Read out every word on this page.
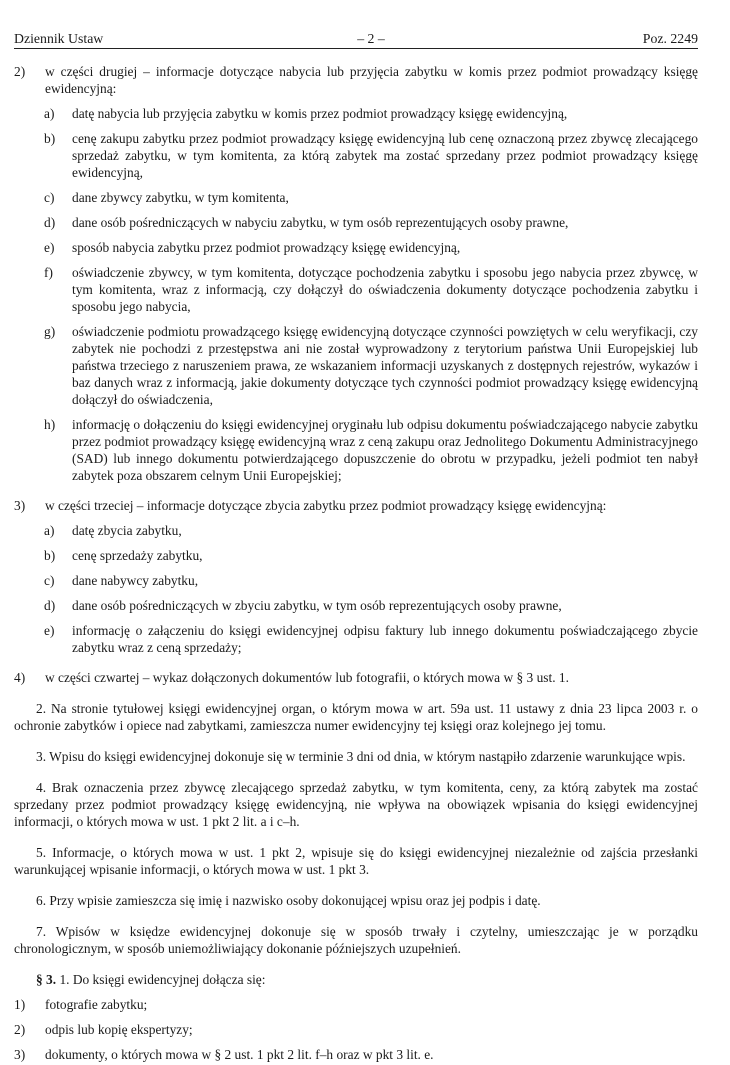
Dziennik Ustaw	– 2 –	Poz. 2249
2) w części drugiej – informacje dotyczące nabycia lub przyjęcia zabytku w komis przez podmiot prowadzący księgę ewidencyjną:
a) datę nabycia lub przyjęcia zabytku w komis przez podmiot prowadzący księgę ewidencyjną,
b) cenę zakupu zabytku przez podmiot prowadzący księgę ewidencyjną lub cenę oznaczoną przez zbywcę zlecającego sprzedaż zabytku, w tym komitenta, za którą zabytek ma zostać sprzedany przez podmiot prowadzący księgę ewidencyjną,
c) dane zbywcy zabytku, w tym komitenta,
d) dane osób pośredniczących w nabyciu zabytku, w tym osób reprezentujących osoby prawne,
e) sposób nabycia zabytku przez podmiot prowadzący księgę ewidencyjną,
f) oświadczenie zbywcy, w tym komitenta, dotyczące pochodzenia zabytku i sposobu jego nabycia przez zbywcę, w tym komitenta, wraz z informacją, czy dołączył do oświadczenia dokumenty dotyczące pochodzenia zabytku i sposobu jego nabycia,
g) oświadczenie podmiotu prowadzącego księgę ewidencyjną dotyczące czynności powziętych w celu weryfikacji, czy zabytek nie pochodzi z przestępstwa ani nie został wyprowadzony z terytorium państwa Unii Europejskiej lub państwa trzeciego z naruszeniem prawa, ze wskazaniem informacji uzyskanych z dostępnych rejestrów, wykazów i baz danych wraz z informacją, jakie dokumenty dotyczące tych czynności podmiot prowadzący księgę ewidencyjną dołączył do oświadczenia,
h) informację o dołączeniu do księgi ewidencyjnej oryginału lub odpisu dokumentu poświadczającego nabycie zabytku przez podmiot prowadzący księgę ewidencyjną wraz z ceną zakupu oraz Jednolitego Dokumentu Administracyjnego (SAD) lub innego dokumentu potwierdzającego dopuszczenie do obrotu w przypadku, jeżeli podmiot ten nabył zabytek poza obszarem celnym Unii Europejskiej;
3) w części trzeciej – informacje dotyczące zbycia zabytku przez podmiot prowadzący księgę ewidencyjną:
a) datę zbycia zabytku,
b) cenę sprzedaży zabytku,
c) dane nabywcy zabytku,
d) dane osób pośredniczących w zbyciu zabytku, w tym osób reprezentujących osoby prawne,
e) informację o załączeniu do księgi ewidencyjnej odpisu faktury lub innego dokumentu poświadczającego zbycie zabytku wraz z ceną sprzedaży;
4) w części czwartej – wykaz dołączonych dokumentów lub fotografii, o których mowa w § 3 ust. 1.
2. Na stronie tytułowej księgi ewidencyjnej organ, o którym mowa w art. 59a ust. 11 ustawy z dnia 23 lipca 2003 r. o ochronie zabytków i opiece nad zabytkami, zamieszcza numer ewidencyjny tej księgi oraz kolejnego jej tomu.
3. Wpisu do księgi ewidencyjnej dokonuje się w terminie 3 dni od dnia, w którym nastąpiło zdarzenie warunkujące wpis.
4. Brak oznaczenia przez zbywcę zlecającego sprzedaż zabytku, w tym komitenta, ceny, za którą zabytek ma zostać sprzedany przez podmiot prowadzący księgę ewidencyjną, nie wpływa na obowiązek wpisania do księgi ewidencyjnej informacji, o których mowa w ust. 1 pkt 2 lit. a i c–h.
5. Informacje, o których mowa w ust. 1 pkt 2, wpisuje się do księgi ewidencyjnej niezależnie od zajścia przesłanki warunkującej wpisanie informacji, o których mowa w ust. 1 pkt 3.
6. Przy wpisie zamieszcza się imię i nazwisko osoby dokonującej wpisu oraz jej podpis i datę.
7. Wpisów w księdze ewidencyjnej dokonuje się w sposób trwały i czytelny, umieszczając je w porządku chronologicznym, w sposób uniemożliwiający dokonanie późniejszych uzupełnień.
§ 3. 1. Do księgi ewidencyjnej dołącza się:
1) fotografie zabytku;
2) odpis lub kopię ekspertyzy;
3) dokumenty, o których mowa w § 2 ust. 1 pkt 2 lit. f–h oraz w pkt 3 lit. e.
